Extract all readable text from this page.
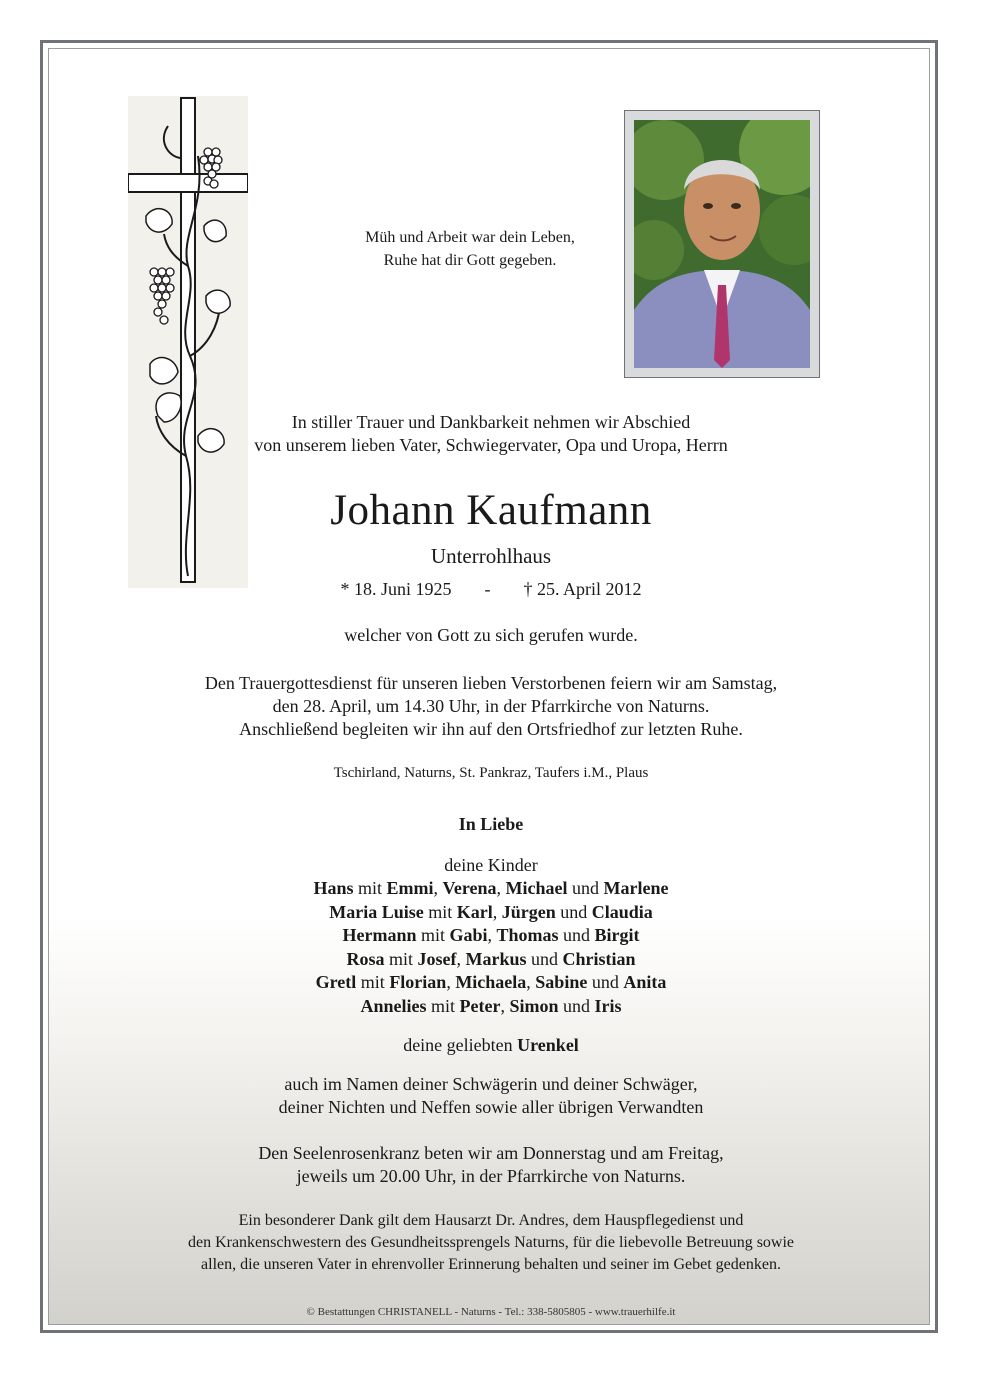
Müh und Arbeit war dein Leben,
Ruhe hat dir Gott gegeben.
In stiller Trauer und Dankbarkeit nehmen wir Abschied
von unserem lieben Vater, Schwiegervater, Opa und Uropa, Herrn
Johann Kaufmann
Unterrohlhaus
* 18. Juni 1925 - † 25. April 2012
welcher von Gott zu sich gerufen wurde.
Den Trauergottesdienst für unseren lieben Verstorbenen feiern wir am Samstag,
den 28. April, um 14.30 Uhr, in der Pfarrkirche von Naturns.
Anschließend begleiten wir ihn auf den Ortsfriedhof zur letzten Ruhe.
Tschirland, Naturns, St. Pankraz, Taufers i.M., Plaus
In Liebe
deine Kinder
Hans mit Emmi, Verena, Michael und Marlene
Maria Luise mit Karl, Jürgen und Claudia
Hermann mit Gabi, Thomas und Birgit
Rosa mit Josef, Markus und Christian
Gretl mit Florian, Michaela, Sabine und Anita
Annelies mit Peter, Simon und Iris
deine geliebten Urenkel
auch im Namen deiner Schwägerin und deiner Schwäger,
deiner Nichten und Neffen sowie aller übrigen Verwandten
Den Seelenrosenkranz beten wir am Donnerstag und am Freitag,
jeweils um 20.00 Uhr, in der Pfarrkirche von Naturns.
Ein besonderer Dank gilt dem Hausarzt Dr. Andres, dem Hauspflegedienst und
den Krankenschwestern des Gesundheitssprengels Naturns, für die liebevolle Betreuung sowie
allen, die unseren Vater in ehrenvoller Erinnerung behalten und seiner im Gebet gedenken.
© Bestattungen CHRISTANELL - Naturns - Tel.: 338-5805805 - www.trauerhilfe.it
